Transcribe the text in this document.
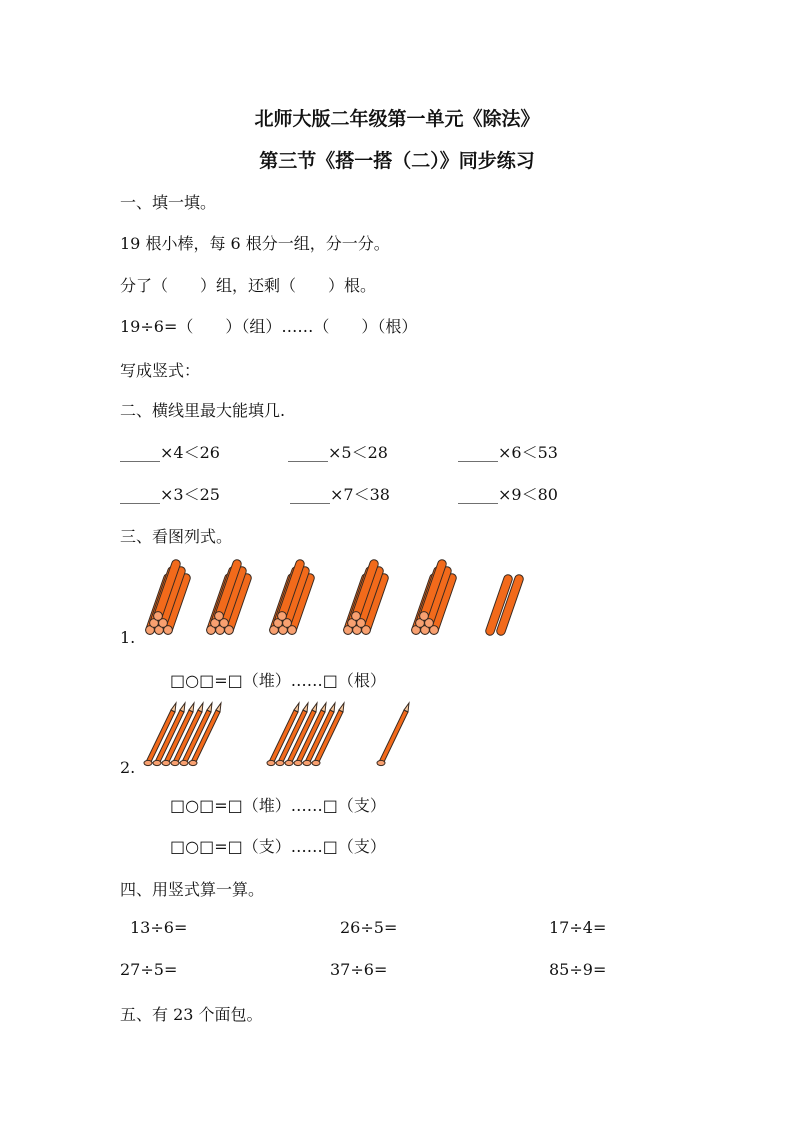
北师大版二年级第一单元《除法》
第三节《搭一搭（二）》同步练习
一、填一填。
19 根小棒，每 6 根分一组，分一分。
分了（　　）组，还剩（　　）根。
19÷6=（　　）（组）……（　　）（根）
写成竖式：
二、横线里最大能填几.
_____×4＜26	_____×5＜28	_____×6＜53
_____×3＜25	_____×7＜38	_____×9＜80
三、看图列式。
1.
□○□=□（堆）……□（根）
2.
□○□=□（堆）……□（支）
□○□=□（支）……□（支）
四、用竖式算一算。
13÷6=	26÷5=	17÷4=
27÷5=	37÷6=	85÷9=
五、有 23 个面包。
